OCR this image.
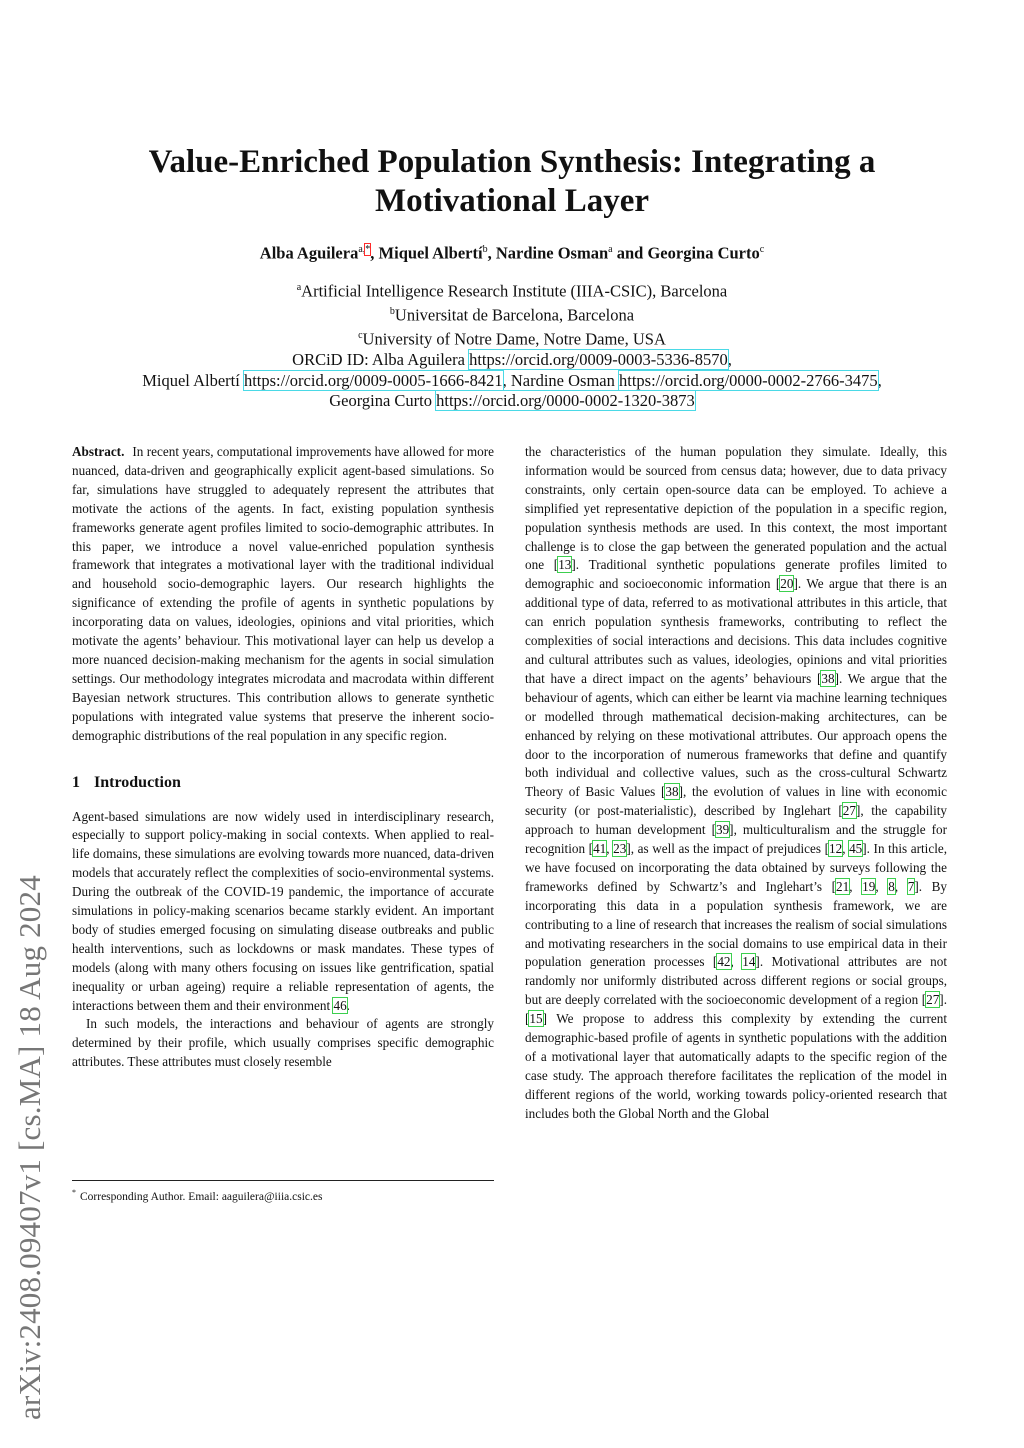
arXiv:2408.09407v1 [cs.MA] 18 Aug 2024
Value-Enriched Population Synthesis: Integrating a
Motivational Layer

Alba Aguilera$^{a,*}$, Miquel Albertí$^b$, Nardine Osman$^a$ and Georgina Curto$^c$

$^a$Artificial Intelligence Research Institute (IIIA-CSIC), Barcelona
$^b$Universitat de Barcelona, Barcelona
$^c$University of Notre Dame, Notre Dame, USA
ORCiD ID: Alba Aguilera https://orcid.org/0009-0003-5336-8570,
Miquel Albertí https://orcid.org/0009-0005-1666-8421, Nardine Osman https://orcid.org/0000-0002-2766-3475,
Georgina Curto https://orcid.org/0000-0002-1320-3873

Abstract. In recent years, computational improvements have allowed for more nuanced, data-driven and geographically explicit agent-based simulations. So far, simulations have struggled to adequately represent the attributes that motivate the actions of the agents. In fact, existing population synthesis frameworks generate agent profiles limited to socio-demographic attributes. In this paper, we introduce a novel value-enriched population synthesis framework that integrates a motivational layer with the traditional individual and household socio-demographic layers. Our research highlights the significance of extending the profile of agents in synthetic populations by incorporating data on values, ideologies, opinions and vital priorities, which motivate the agents’ behaviour. This motivational layer can help us develop a more nuanced decision-making mechanism for the agents in social simulation settings. Our methodology integrates microdata and macrodata within different Bayesian network structures. This contribution allows to generate synthetic populations with integrated value systems that preserve the inherent socio-demographic distributions of the real population in any specific region.

1 Introduction

Agent-based simulations are now widely used in interdisciplinary research, especially to support policy-making in social contexts. When applied to real-life domains, these simulations are evolving towards more nuanced, data-driven models that accurately reflect the complexities of socio-environmental systems. During the outbreak of the COVID-19 pandemic, the importance of accurate simulations in policy-making scenarios became starkly evident. An important body of studies emerged focusing on simulating disease outbreaks and public health interventions, such as lockdowns or mask mandates. These types of models (along with many others focusing on issues like gentrification, spatial inequality or urban ageing) require a reliable representation of agents, the interactions between them and their environment 46.

In such models, the interactions and behaviour of agents are strongly determined by their profile, which usually comprises specific demographic attributes. These attributes must closely resemble

the characteristics of the human population they simulate. Ideally, this information would be sourced from census data; however, due to data privacy constraints, only certain open-source data can be employed. To achieve a simplified yet representative depiction of the population in a specific region, population synthesis methods are used. In this context, the most important challenge is to close the gap between the generated population and the actual one [13]. Traditional synthetic populations generate profiles limited to demographic and socioeconomic information [20]. We argue that there is an additional type of data, referred to as motivational attributes in this article, that can enrich population synthesis frameworks, contributing to reflect the complexities of social interactions and decisions. This data includes cognitive and cultural attributes such as values, ideologies, opinions and vital priorities that have a direct impact on the agents’ behaviours [38]. We argue that the behaviour of agents, which can either be learnt via machine learning techniques or modelled through mathematical decision-making architectures, can be enhanced by relying on these motivational attributes. Our approach opens the door to the incorporation of numerous frameworks that define and quantify both individual and collective values, such as the cross-cultural Schwartz Theory of Basic Values [38], the evolution of values in line with economic security (or post-materialistic), described by Inglehart [27], the capability approach to human development [39], multiculturalism and the struggle for recognition [41, 23], as well as the impact of prejudices [12, 45]. In this article, we have focused on incorporating the data obtained by surveys following the frameworks defined by Schwartz’s and Inglehart’s [21, 19, 8, 7]. By incorporating this data in a population synthesis framework, we are contributing to a line of research that increases the realism of social simulations and motivating researchers in the social domains to use empirical data in their population generation processes [42, 14]. Motivational attributes are not randomly nor uniformly distributed across different regions or social groups, but are deeply correlated with the socioeconomic development of a region [27]. [15] We propose to address this complexity by extending the current demographic-based profile of agents in synthetic populations with the addition of a motivational layer that automatically adapts to the specific region of the case study. The approach therefore facilitates the replication of the model in different regions of the world, working towards policy-oriented research that includes both the Global North and the Global

* Corresponding Author. Email: aaguilera@iiia.csic.es
